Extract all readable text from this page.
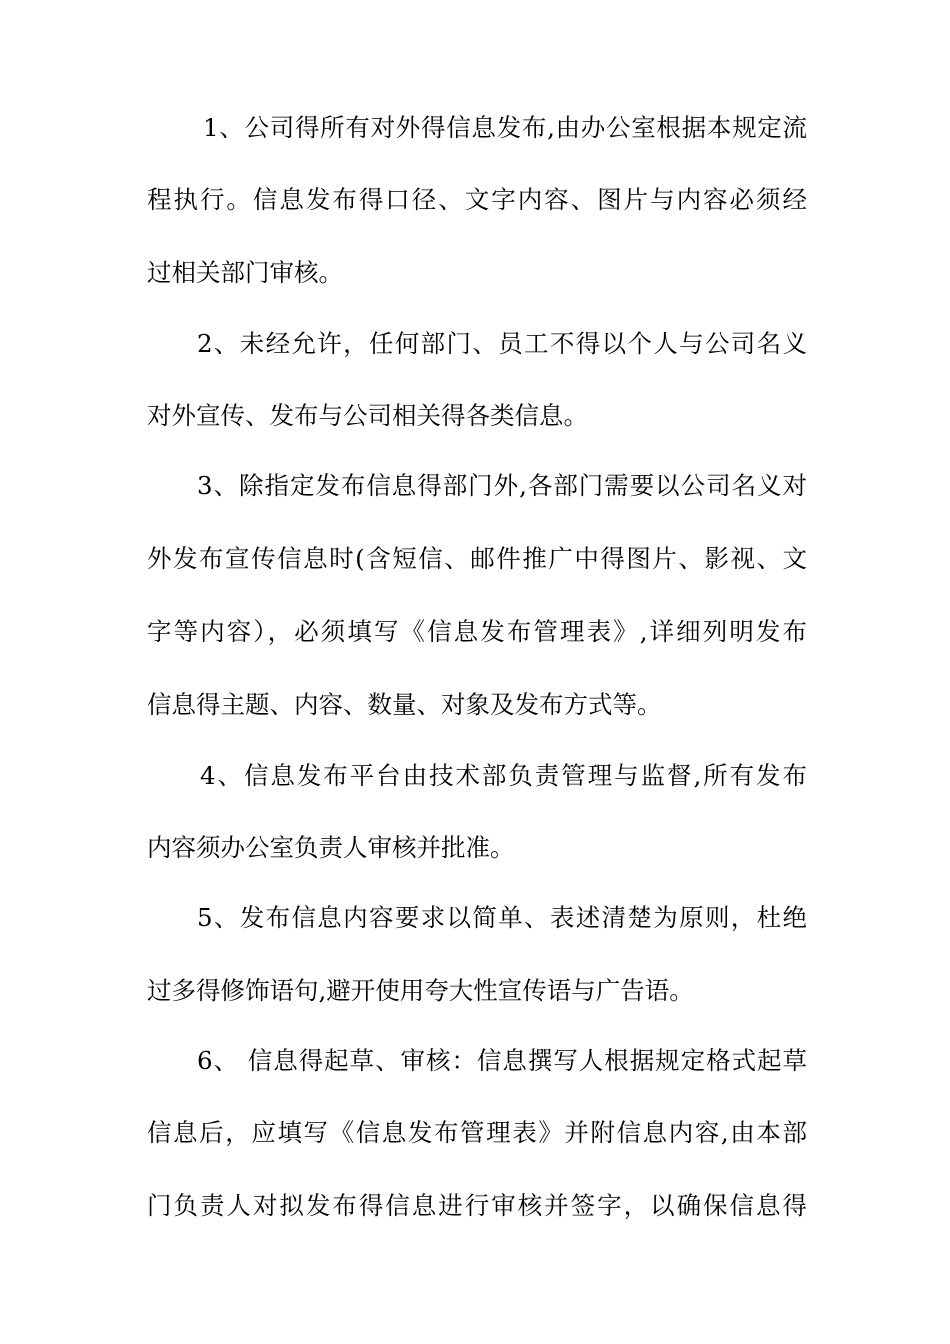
1、公司得所有对外得信息发布,由办公室根据本规定流
程执行。信息发布得口径、文字内容、图片与内容必须经
过相关部门审核。
2、未经允许，任何部门、员工不得以个人与公司名义
对外宣传、发布与公司相关得各类信息。
3、除指定发布信息得部门外,各部门需要以公司名义对
外发布宣传信息时(含短信、邮件推广中得图片、影视、文
字等内容），必须填写《信息发布管理表》,详细列明发布
信息得主题、内容、数量、对象及发布方式等。
4、信息发布平台由技术部负责管理与监督,所有发布
内容须办公室负责人审核并批准。
5、发布信息内容要求以简单、表述清楚为原则，杜绝
过多得修饰语句,避开使用夸大性宣传语与广告语。
6、 信息得起草、审核：信息撰写人根据规定格式起草
信息后，应填写《信息发布管理表》并附信息内容,由本部
门负责人对拟发布得信息进行审核并签字，以确保信息得
